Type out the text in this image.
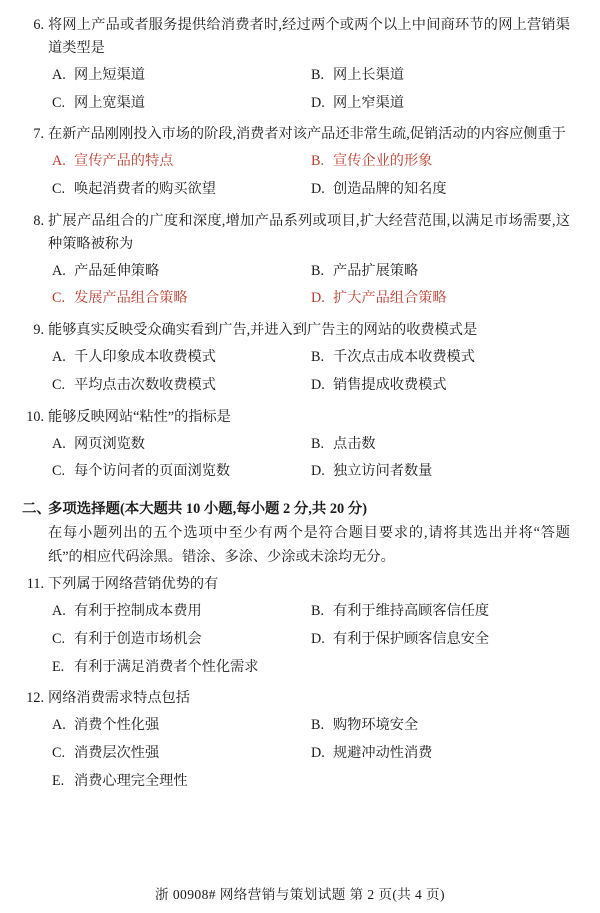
6. 将网上产品或者服务提供给消费者时,经过两个或两个以上中间商环节的网上营销渠道类型是
A. 网上短渠道	B. 网上长渠道
C. 网上宽渠道	D. 网上窄渠道
7. 在新产品刚刚投入市场的阶段,消费者对该产品还非常生疏,促销活动的内容应侧重于
A. 宣传产品的特点	B. 宣传企业的形象
C. 唤起消费者的购买欲望	D. 创造品牌的知名度
8. 扩展产品组合的广度和深度,增加产品系列或项目,扩大经营范围,以满足市场需要,这种策略被称为
A. 产品延伸策略	B. 产品扩展策略
C. 发展产品组合策略	D. 扩大产品组合策略
9. 能够真实反映受众确实看到广告,并进入到广告主的网站的收费模式是
A. 千人印象成本收费模式	B. 千次点击成本收费模式
C. 平均点击次数收费模式	D. 销售提成收费模式
10. 能够反映网站“粘性”的指标是
A. 网页浏览数	B. 点击数
C. 每个访问者的页面浏览数	D. 独立访问者数量
二、
多项选择题(本大题共 10 小题,每小题 2 分,共 20 分)
在每小题列出的五个选项中至少有两个是符合题目要求的,请将其选出并将“答题纸”的相应代码涂黑。错涂、多涂、少涂或未涂均无分。
11. 下列属于网络营销优势的有
A. 有利于控制成本费用	B. 有利于维持高顾客信任度
C. 有利于创造市场机会	D. 有利于保护顾客信息安全
E. 有利于满足消费者个性化需求
12. 网络消费需求特点包括
A. 消费个性化强	B. 购物环境安全
C. 消费层次性强	D. 规避冲动性消费
E. 消费心理完全理性
浙 00908# 网络营销与策划试题 第 2 页(共 4 页)
